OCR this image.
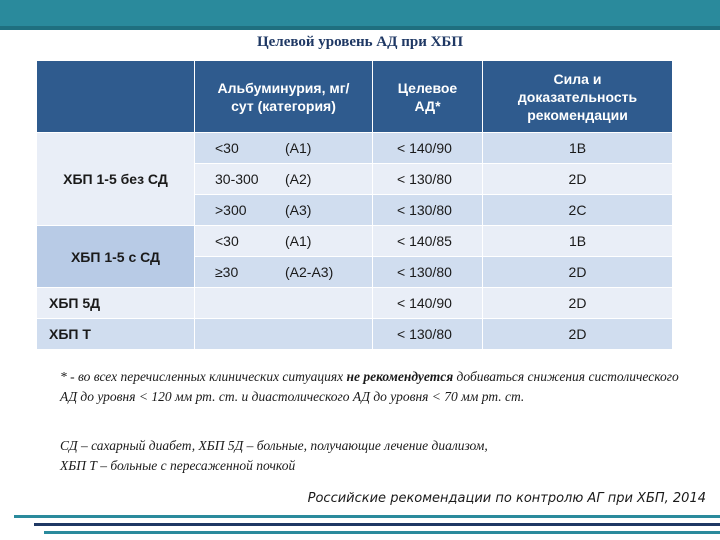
Целевой уровень АД при ХБП
	Альбуминурия, мг/сут (категория)	Целевое АД*	Сила и доказательность рекомендации
ХБП 1-5 без СД	<30 (А1)	< 140/90	1В
	30-300 (А2)	< 130/80	2D
	>300 (А3)	< 130/80	2С
ХБП 1-5 с СД	<30 (А1)	< 140/85	1В
	≥30 (А2-А3)	< 130/80	2D
ХБП 5Д		< 140/90	2D
ХБП Т		< 130/80	2D
* - во всех перечисленных клинических ситуациях не рекомендуется добиваться снижения систолического АД до уровня < 120 мм рт. ст. и диастолического АД до уровня < 70 мм рт. ст.
СД – сахарный диабет, ХБП 5Д – больные, получающие лечение диализом,
ХБП Т – больные с пересаженной почкой
Российские рекомендации по контролю АГ при ХБП, 2014
